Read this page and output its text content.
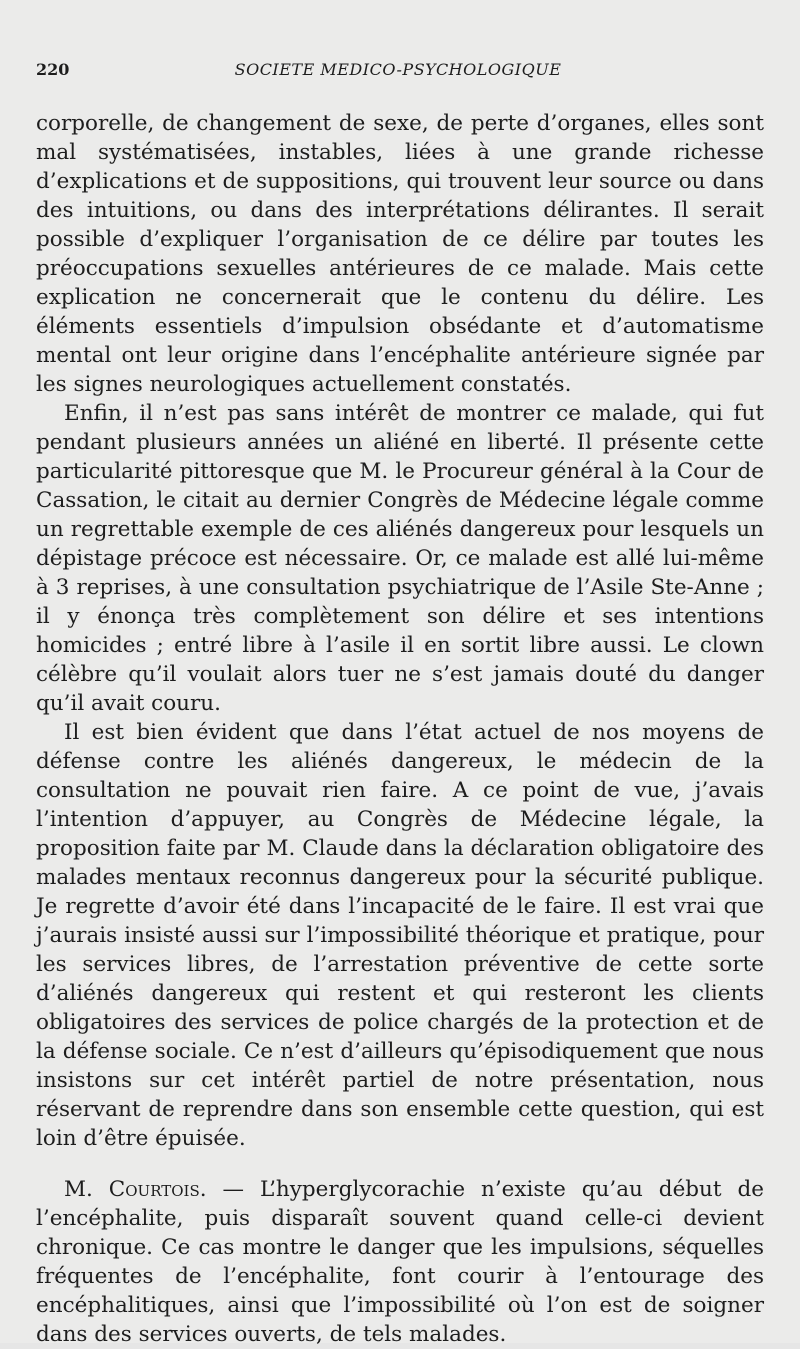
220	SOCIETE MEDICO-PSYCHOLOGIQUE

corporelle, de changement de sexe, de perte d’organes, elles sont mal systématisées, instables, liées à une grande richesse d’explications et de suppositions, qui trouvent leur source ou dans des intuitions, ou dans des interprétations délirantes. Il serait possible d’expliquer l’organisation de ce délire par toutes les préoccupations sexuelles antérieures de ce malade. Mais cette explication ne concernerait que le contenu du délire. Les éléments essentiels d’impulsion obsédante et d’automatisme mental ont leur origine dans l’encéphalite antérieure signée par les signes neurologiques actuellement constatés.

Enfin, il n’est pas sans intérêt de montrer ce malade, qui fut pendant plusieurs années un aliéné en liberté. Il présente cette particularité pittoresque que M. le Procureur général à la Cour de Cassation, le citait au dernier Congrès de Médecine légale comme un regrettable exemple de ces aliénés dangereux pour lesquels un dépistage précoce est nécessaire. Or, ce malade est allé lui-même à 3 reprises, à une consultation psychiatrique de l’Asile Ste-Anne ; il y énonça très complètement son délire et ses intentions homicides ; entré libre à l’asile il en sortit libre aussi. Le clown célèbre qu’il voulait alors tuer ne s’est jamais douté du danger qu’il avait couru.

Il est bien évident que dans l’état actuel de nos moyens de défense contre les aliénés dangereux, le médecin de la consultation ne pouvait rien faire. A ce point de vue, j’avais l’intention d’appuyer, au Congrès de Médecine légale, la proposition faite par M. Claude dans la déclaration obligatoire des malades mentaux reconnus dangereux pour la sécurité publique. Je regrette d’avoir été dans l’incapacité de le faire. Il est vrai que j’aurais insisté aussi sur l’impossibilité théorique et pratique, pour les services libres, de l’arrestation préventive de cette sorte d’aliénés dangereux qui restent et qui resteront les clients obligatoires des services de police chargés de la protection et de la défense sociale. Ce n’est d’ailleurs qu’épisodiquement que nous insistons sur cet intérêt partiel de notre présentation, nous réservant de reprendre dans son ensemble cette question, qui est loin d’être épuisée.

M. Courtois. — L’hyperglycorachie n’existe qu’au début de l’encéphalite, puis disparaît souvent quand celle-ci devient chronique. Ce cas montre le danger que les impulsions, séquelles fréquentes de l’encéphalite, font courir à l’entourage des encéphalitiques, ainsi que l’impossibilité où l’on est de soigner dans des services ouverts, de tels malades.
